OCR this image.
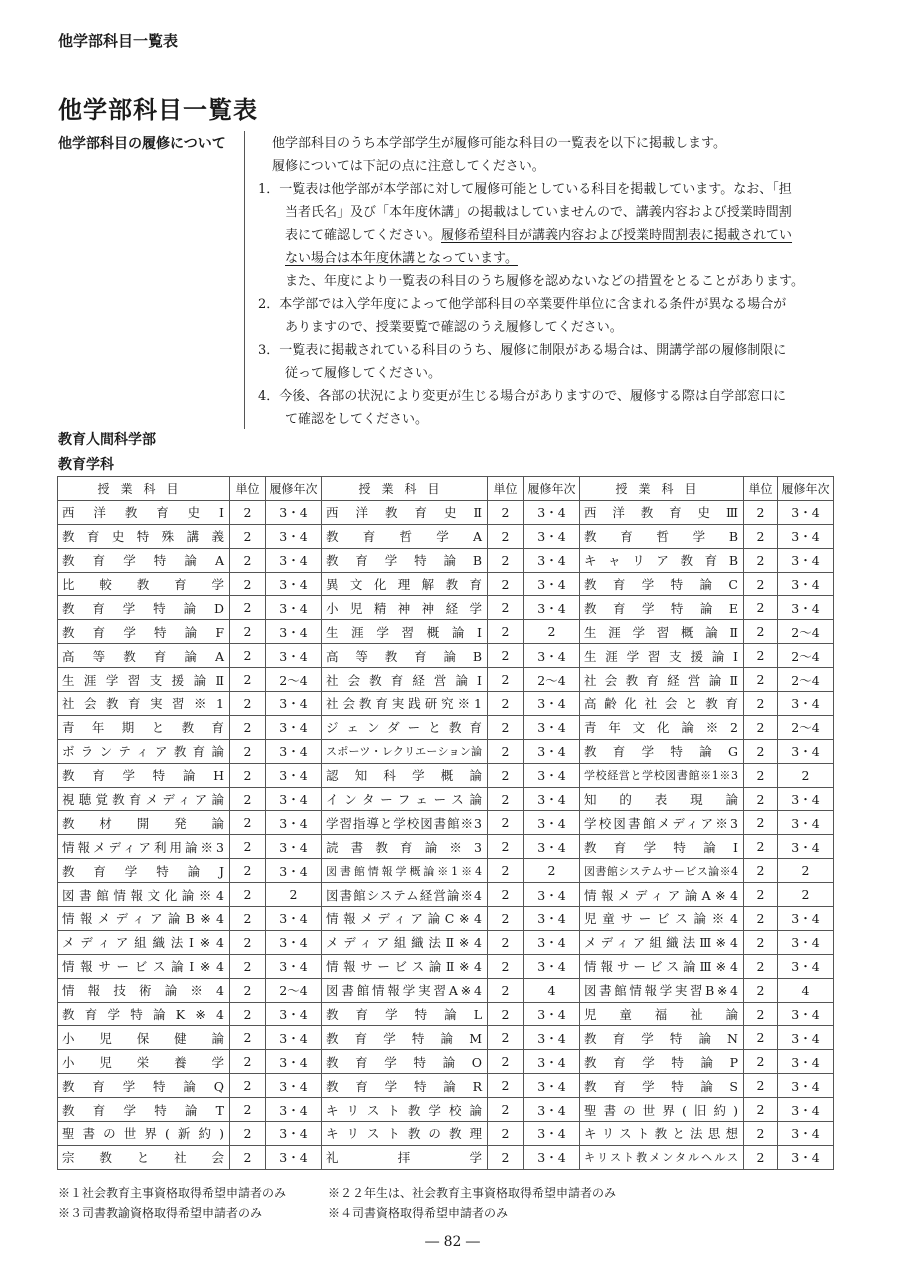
他学部科目一覧表
他学部科目一覧表
他学部科目の履修について	他学部科目のうち本学部学生が履修可能な科目の一覧表を以下に掲載します。
履修については下記の点に注意してください。
1．一覧表は他学部が本学部に対して履修可能としている科目を掲載しています。なお、「担
当者氏名」及び「本年度休講」の掲載はしていませんので、講義内容および授業時間割
表にて確認してください。履修希望科目が講義内容および授業時間割表に掲載されてい
ない場合は本年度休講となっています。
また、年度により一覧表の科目のうち履修を認めないなどの措置をとることがあります。
2．本学部では入学年度によって他学部科目の卒業要件単位に含まれる条件が異なる場合が
ありますので、授業要覧で確認のうえ履修してください。
3．一覧表に掲載されている科目のうち、履修に制限がある場合は、開講学部の履修制限に
従って履修してください。
4．今後、各部の状況により変更が生じる場合がありますので、履修する際は自学部窓口に
て確認をしてください。
教育人間科学部
教育学科
授業科目	単位	履修年次	授業科目	単位	履修年次	授業科目	単位	履修年次
西洋教育史Ⅰ	2	3・4	西洋教育史Ⅱ	2	3・4	西洋教育史Ⅲ	2	3・4
教育史特殊講義	2	3・4	教育哲学A	2	3・4	教育哲学B	2	3・4
教育学特論A	2	3・4	教育学特論B	2	3・4	キャリア教育B	2	3・4
比較教育学	2	3・4	異文化理解教育	2	3・4	教育学特論C	2	3・4
教育学特論D	2	3・4	小児精神神経学	2	3・4	教育学特論E	2	3・4
教育学特論F	2	3・4	生涯学習概論Ⅰ	2	2	生涯学習概論Ⅱ	2	2〜4
高等教育論A	2	3・4	高等教育論B	2	3・4	生涯学習支援論Ⅰ	2	2〜4
生涯学習支援論Ⅱ	2	2〜4	社会教育経営論Ⅰ	2	2〜4	社会教育経営論Ⅱ	2	2〜4
社会教育実習※1	2	3・4	社会教育実践研究※1	2	3・4	高齢化社会と教育	2	3・4
青年期と教育	2	3・4	ジェンダーと教育	2	3・4	青年文化論※2	2	2〜4
ボランティア教育論	2	3・4	スポーツ・レクリエーション論	2	3・4	教育学特論G	2	3・4
教育学特論H	2	3・4	認知科学概論	2	3・4	学校経営と学校図書館※1※3	2	2
視聴覚教育メディア論	2	3・4	インターフェース論	2	3・4	知的表現論	2	3・4
教材開発論	2	3・4	学習指導と学校図書館※3	2	3・4	学校図書館メディア※3	2	3・4
情報メディア利用論※3	2	3・4	読書教育論※3	2	3・4	教育学特論Ⅰ	2	3・4
教育学特論J	2	3・4	図書館情報学概論※1※4	2	2	図書館システムサービス論※4	2	2
図書館情報文化論※4	2	2	図書館システム経営論※4	2	3・4	情報メディア論A※4	2	2
情報メディア論B※4	2	3・4	情報メディア論C※4	2	3・4	児童サービス論※4	2	3・4
メディア組織法Ⅰ※4	2	3・4	メディア組織法Ⅱ※4	2	3・4	メディア組織法Ⅲ※4	2	3・4
情報サービス論Ⅰ※4	2	3・4	情報サービス論Ⅱ※4	2	3・4	情報サービス論Ⅲ※4	2	3・4
情報技術論※4	2	2〜4	図書館情報学実習A※4	2	4	図書館情報学実習B※4	2	4
教育学特論K※4	2	3・4	教育学特論L	2	3・4	児童福祉論	2	3・4
小児保健論	2	3・4	教育学特論M	2	3・4	教育学特論N	2	3・4
小児栄養学	2	3・4	教育学特論O	2	3・4	教育学特論P	2	3・4
教育学特論Q	2	3・4	教育学特論R	2	3・4	教育学特論S	2	3・4
教育学特論T	2	3・4	キリスト教学校論	2	3・4	聖書の世界(旧約)	2	3・4
聖書の世界(新約)	2	3・4	キリスト教の教理	2	3・4	キリスト教と法思想	2	3・4
宗教と社会	2	3・4	礼拝学	2	3・4	キリスト教メンタルヘルス	2	3・4
※１社会教育主事資格取得希望申請者のみ	※２２年生は、社会教育主事資格取得希望申請者のみ
※３司書教諭資格取得希望申請者のみ	※４司書資格取得希望申請者のみ
― 82 ―
